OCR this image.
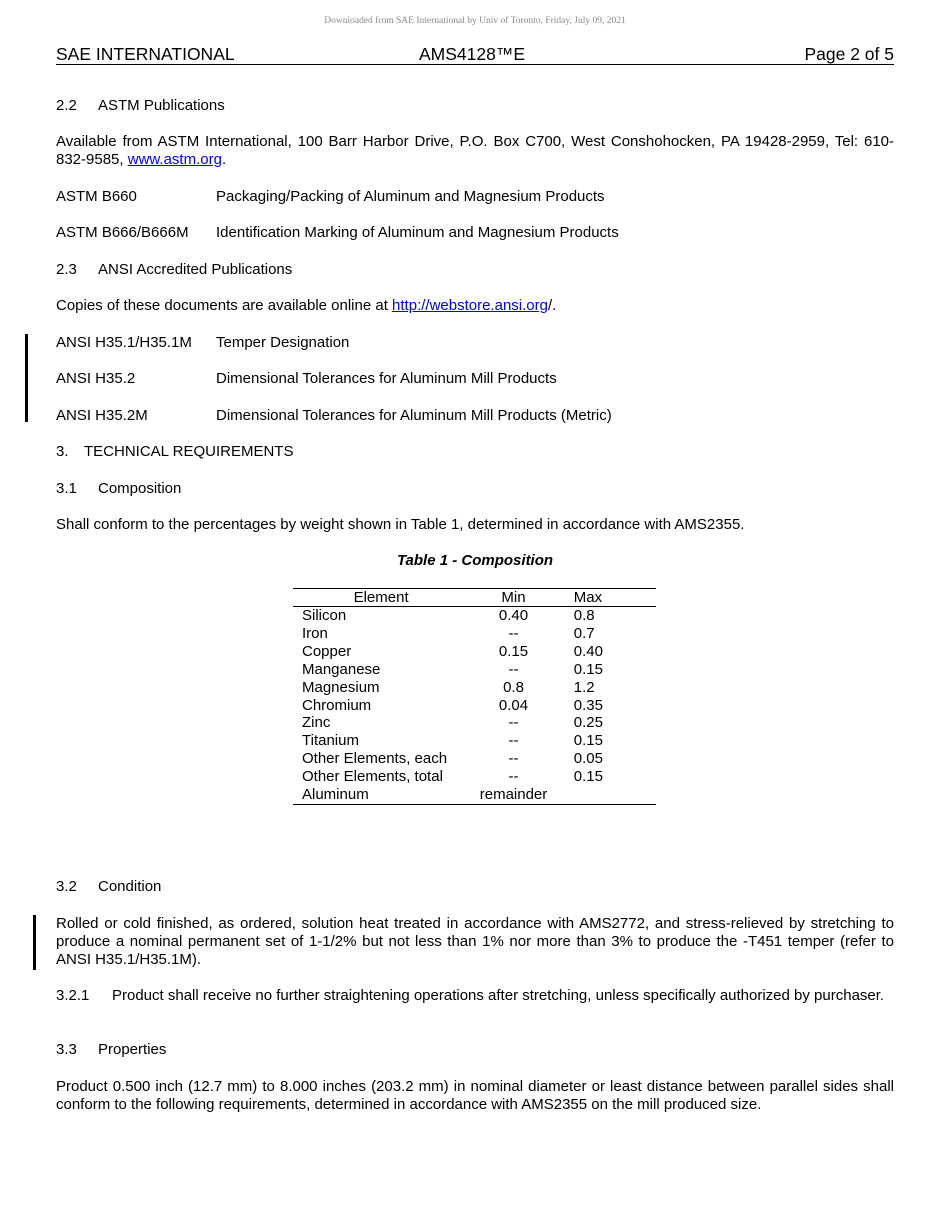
Downloaded from SAE International by Univ of Toronto, Friday, July 09, 2021
SAE INTERNATIONAL	AMS4128™E	Page 2 of 5
2.2 ASTM Publications
Available from ASTM International, 100 Barr Harbor Drive, P.O. Box C700, West Conshohocken, PA 19428-2959, Tel: 610-832-9585, www.astm.org.
ASTM B660	Packaging/Packing of Aluminum and Magnesium Products
ASTM B666/B666M Identification Marking of Aluminum and Magnesium Products
2.3 ANSI Accredited Publications
Copies of these documents are available online at http://webstore.ansi.org/.
ANSI H35.1/H35.1M Temper Designation
ANSI H35.2	Dimensional Tolerances for Aluminum Mill Products
ANSI H35.2M	Dimensional Tolerances for Aluminum Mill Products (Metric)
3. TECHNICAL REQUIREMENTS
3.1 Composition
Shall conform to the percentages by weight shown in Table 1, determined in accordance with AMS2355.
Table 1 - Composition
Element	Min	Max
Silicon	0.40	0.8
Iron	--	0.7
Copper	0.15	0.40
Manganese	--	0.15
Magnesium	0.8	1.2
Chromium	0.04	0.35
Zinc	--	0.25
Titanium	--	0.15
Other Elements, each	--	0.05
Other Elements, total	--	0.15
Aluminum	remainder	
3.2 Condition
Rolled or cold finished, as ordered, solution heat treated in accordance with AMS2772, and stress-relieved by stretching to produce a nominal permanent set of 1-1/2% but not less than 1% nor more than 3% to produce the -T451 temper (refer to ANSI H35.1/H35.1M).
3.2.1 Product shall receive no further straightening operations after stretching, unless specifically authorized by purchaser.
3.3 Properties
Product 0.500 inch (12.7 mm) to 8.000 inches (203.2 mm) in nominal diameter or least distance between parallel sides shall conform to the following requirements, determined in accordance with AMS2355 on the mill produced size.
